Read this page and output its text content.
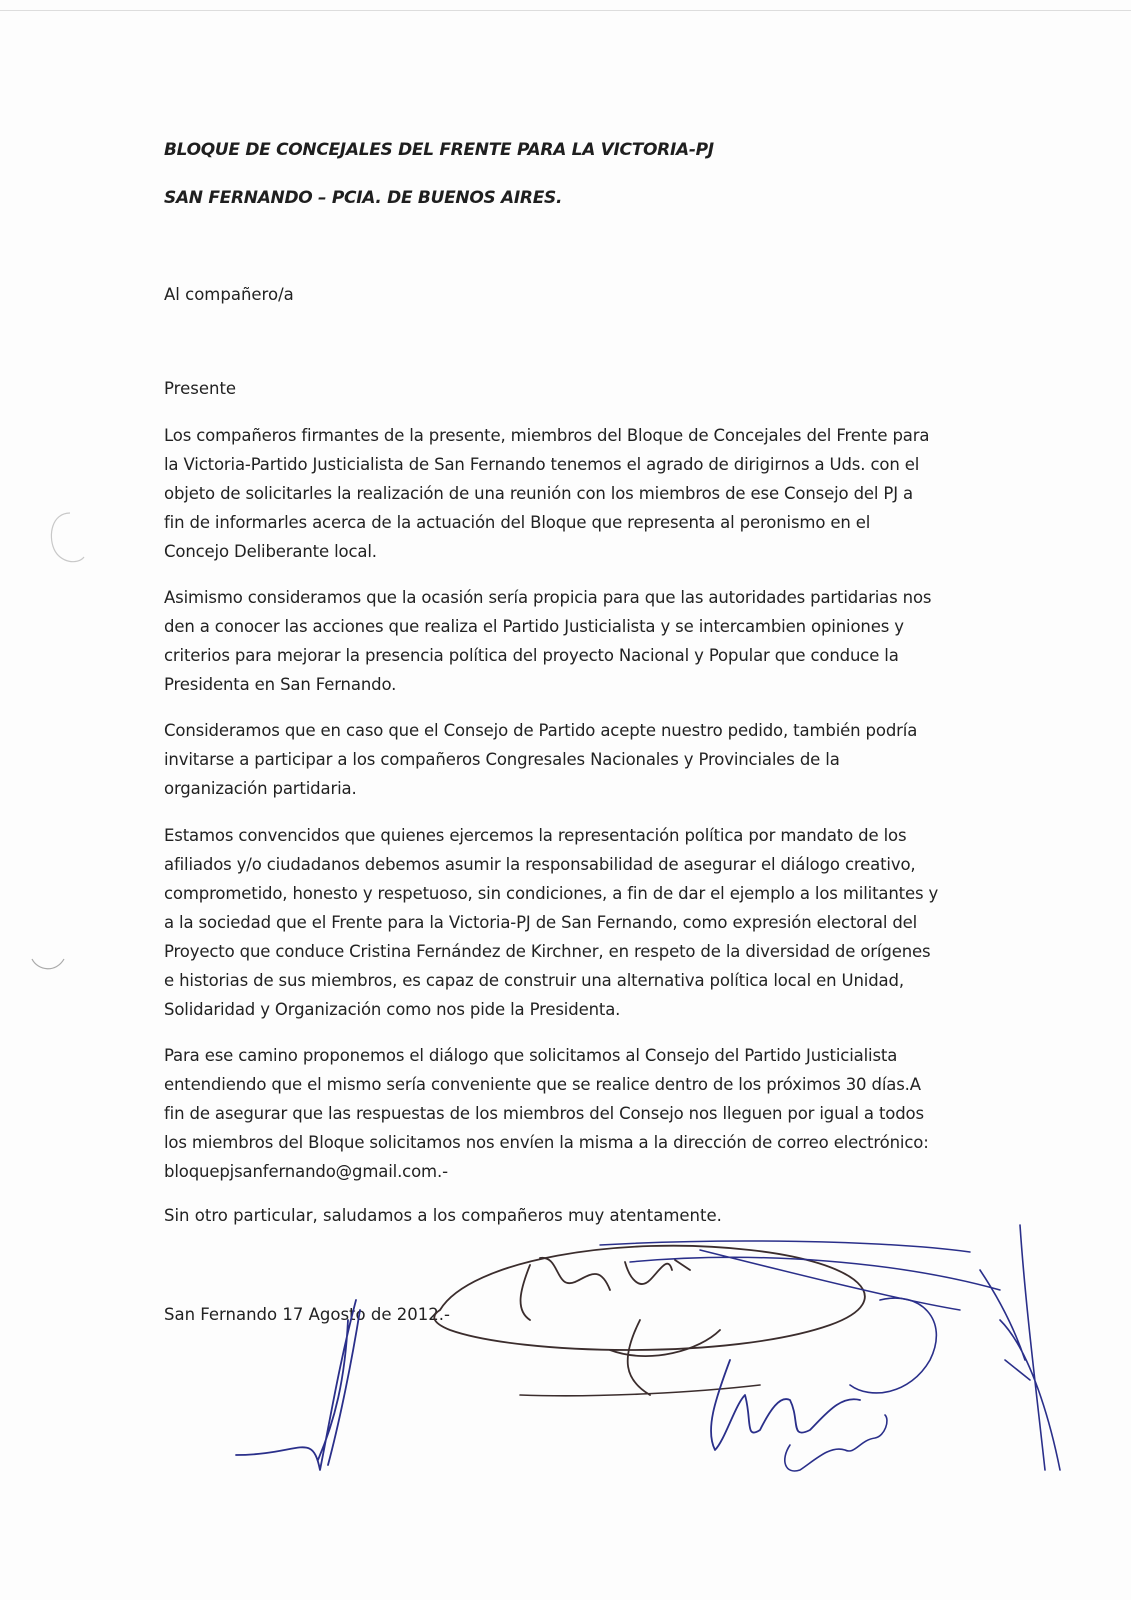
BLOQUE DE CONCEJALES DEL FRENTE PARA LA VICTORIA-PJ
SAN FERNANDO – PCIA. DE BUENOS AIRES.
Al compañero/a
Presente
Los compañeros firmantes de la presente, miembros del Bloque de Concejales del Frente para
la Victoria-Partido Justicialista de San Fernando tenemos el agrado de dirigirnos a Uds. con el
objeto de solicitarles la realización de una reunión con los miembros de ese Consejo del PJ a
fin de informarles acerca de la actuación del Bloque que representa al peronismo en el
Concejo Deliberante local.
Asimismo consideramos que la ocasión sería propicia para que las autoridades partidarias nos
den a conocer las acciones que realiza el Partido Justicialista y se intercambien opiniones y
criterios para mejorar la presencia política del proyecto Nacional y Popular que conduce la
Presidenta en San Fernando.
Consideramos que en caso que el Consejo de Partido acepte nuestro pedido, también podría
invitarse a participar a los compañeros Congresales Nacionales y Provinciales de la
organización partidaria.
Estamos convencidos que quienes ejercemos la representación política por mandato de los
afiliados y/o ciudadanos debemos asumir la responsabilidad de asegurar el diálogo creativo,
comprometido, honesto y respetuoso, sin condiciones, a fin de dar el ejemplo a los militantes y
a la sociedad que el Frente para la Victoria-PJ de San Fernando, como expresión electoral del
Proyecto que conduce Cristina Fernández de Kirchner, en respeto de la diversidad de orígenes
e historias de sus miembros, es capaz de construir una alternativa política local en Unidad,
Solidaridad y Organización como nos pide la Presidenta.
Para ese camino proponemos el diálogo que solicitamos al Consejo del Partido Justicialista
entendiendo que el mismo sería conveniente que se realice dentro de los próximos 30 días.A
fin de asegurar que las respuestas de los miembros del Consejo nos lleguen por igual a todos
los miembros del Bloque solicitamos nos envíen la misma a la dirección de correo electrónico:
bloquepjsanfernando@gmail.com.-
Sin otro particular, saludamos a los compañeros muy atentamente.
San Fernando 17 Agosto de 2012.-
